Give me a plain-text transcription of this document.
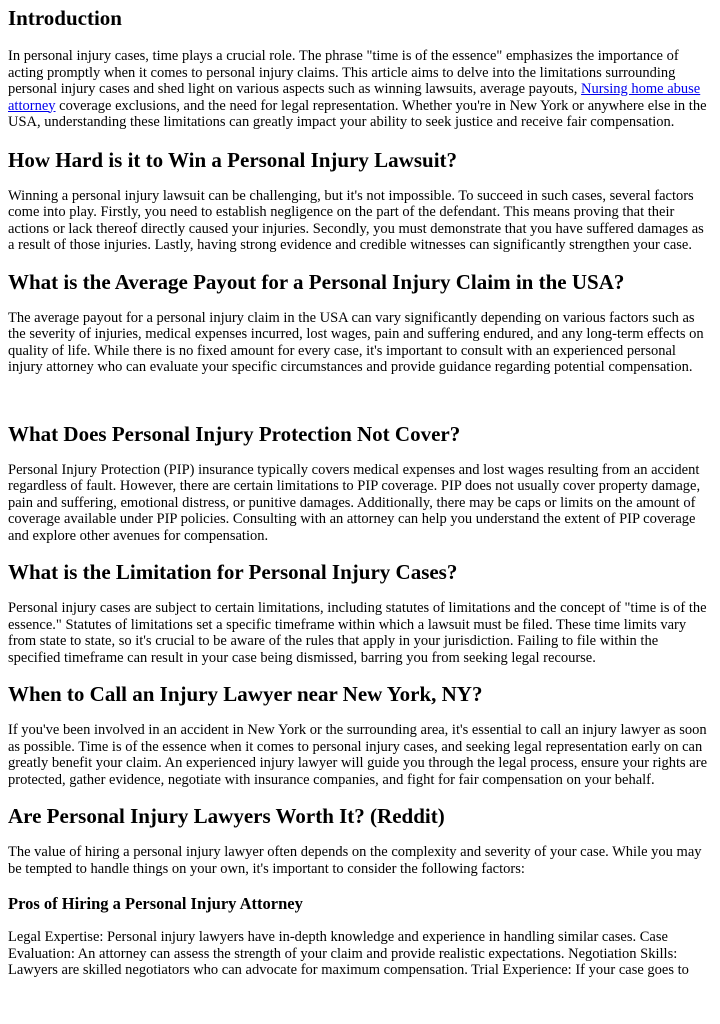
Introduction

In personal injury cases, time plays a crucial role. The phrase "time is of the essence" emphasizes the importance of acting promptly when it comes to personal injury claims. This article aims to delve into the limitations surrounding personal injury cases and shed light on various aspects such as winning lawsuits, average payouts, Nursing home abuse attorney coverage exclusions, and the need for legal representation. Whether you're in New York or anywhere else in the USA, understanding these limitations can greatly impact your ability to seek justice and receive fair compensation.

How Hard is it to Win a Personal Injury Lawsuit?

Winning a personal injury lawsuit can be challenging, but it's not impossible. To succeed in such cases, several factors come into play. Firstly, you need to establish negligence on the part of the defendant. This means proving that their actions or lack thereof directly caused your injuries. Secondly, you must demonstrate that you have suffered damages as a result of those injuries. Lastly, having strong evidence and credible witnesses can significantly strengthen your case.

What is the Average Payout for a Personal Injury Claim in the USA?

The average payout for a personal injury claim in the USA can vary significantly depending on various factors such as the severity of injuries, medical expenses incurred, lost wages, pain and suffering endured, and any long-term effects on quality of life. While there is no fixed amount for every case, it's important to consult with an experienced personal injury attorney who can evaluate your specific circumstances and provide guidance regarding potential compensation.

What Does Personal Injury Protection Not Cover?

Personal Injury Protection (PIP) insurance typically covers medical expenses and lost wages resulting from an accident regardless of fault. However, there are certain limitations to PIP coverage. PIP does not usually cover property damage, pain and suffering, emotional distress, or punitive damages. Additionally, there may be caps or limits on the amount of coverage available under PIP policies. Consulting with an attorney can help you understand the extent of PIP coverage and explore other avenues for compensation.

What is the Limitation for Personal Injury Cases?

Personal injury cases are subject to certain limitations, including statutes of limitations and the concept of "time is of the essence." Statutes of limitations set a specific timeframe within which a lawsuit must be filed. These time limits vary from state to state, so it's crucial to be aware of the rules that apply in your jurisdiction. Failing to file within the specified timeframe can result in your case being dismissed, barring you from seeking legal recourse.

When to Call an Injury Lawyer near New York, NY?

If you've been involved in an accident in New York or the surrounding area, it's essential to call an injury lawyer as soon as possible. Time is of the essence when it comes to personal injury cases, and seeking legal representation early on can greatly benefit your claim. An experienced injury lawyer will guide you through the legal process, ensure your rights are protected, gather evidence, negotiate with insurance companies, and fight for fair compensation on your behalf.

Are Personal Injury Lawyers Worth It? (Reddit)

The value of hiring a personal injury lawyer often depends on the complexity and severity of your case. While you may be tempted to handle things on your own, it's important to consider the following factors:

Pros of Hiring a Personal Injury Attorney

Legal Expertise: Personal injury lawyers have in-depth knowledge and experience in handling similar cases. Case Evaluation: An attorney can assess the strength of your claim and provide realistic expectations. Negotiation Skills: Lawyers are skilled negotiators who can advocate for maximum compensation. Trial Experience: If your case goes to
